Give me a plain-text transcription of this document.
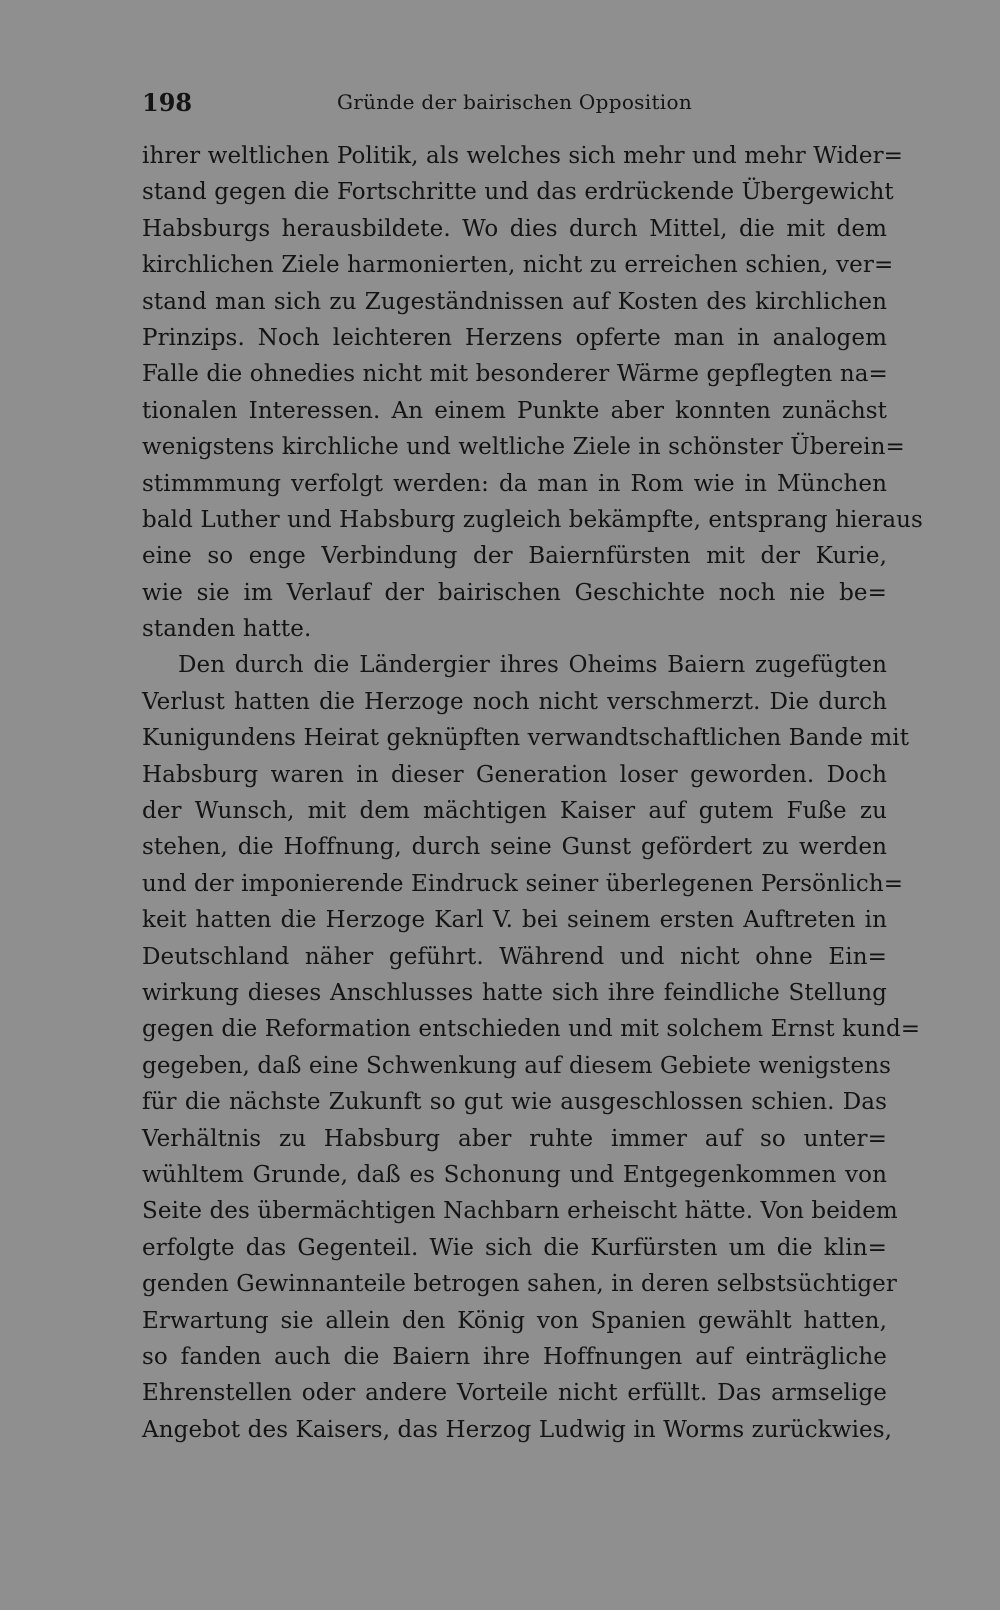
198	Gründe der bairischen Opposition

ihrer weltlichen Politik, als welches sich mehr und mehr Wider=
stand gegen die Fortschritte und das erdrückende Übergewicht
Habsburgs herausbildete. Wo dies durch Mittel, die mit dem
kirchlichen Ziele harmonierten, nicht zu erreichen schien, ver=
stand man sich zu Zugeständnissen auf Kosten des kirchlichen
Prinzips. Noch leichteren Herzens opferte man in analogem
Falle die ohnedies nicht mit besonderer Wärme gepflegten na=
tionalen Interessen. An einem Punkte aber konnten zunächst
wenigstens kirchliche und weltliche Ziele in schönster Überein=
stimmmung verfolgt werden: da man in Rom wie in München
bald Luther und Habsburg zugleich bekämpfte, entsprang hieraus
eine so enge Verbindung der Baiernfürsten mit der Kurie,
wie sie im Verlauf der bairischen Geschichte noch nie be=
standen hatte.

Den durch die Ländergier ihres Oheims Baiern zugefügten
Verlust hatten die Herzoge noch nicht verschmerzt. Die durch
Kunigundens Heirat geknüpften verwandtschaftlichen Bande mit
Habsburg waren in dieser Generation loser geworden. Doch
der Wunsch, mit dem mächtigen Kaiser auf gutem Fuße zu
stehen, die Hoffnung, durch seine Gunst gefördert zu werden
und der imponierende Eindruck seiner überlegenen Persönlich=
keit hatten die Herzoge Karl V. bei seinem ersten Auftreten in
Deutschland näher geführt. Während und nicht ohne Ein=
wirkung dieses Anschlusses hatte sich ihre feindliche Stellung
gegen die Reformation entschieden und mit solchem Ernst kund=
gegeben, daß eine Schwenkung auf diesem Gebiete wenigstens
für die nächste Zukunft so gut wie ausgeschlossen schien. Das
Verhältnis zu Habsburg aber ruhte immer auf so unter=
wühltem Grunde, daß es Schonung und Entgegenkommen von
Seite des übermächtigen Nachbarn erheischt hätte. Von beidem
erfolgte das Gegenteil. Wie sich die Kurfürsten um die klin=
genden Gewinnanteile betrogen sahen, in deren selbstsüchtiger
Erwartung sie allein den König von Spanien gewählt hatten,
so fanden auch die Baiern ihre Hoffnungen auf einträgliche
Ehrenstellen oder andere Vorteile nicht erfüllt. Das armselige
Angebot des Kaisers, das Herzog Ludwig in Worms zurückwies,
